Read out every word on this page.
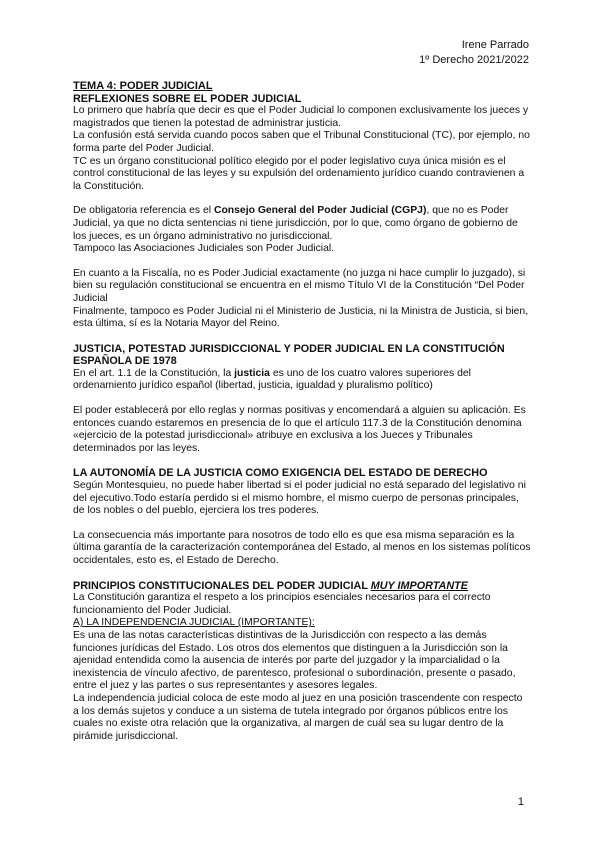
Irene Parrado
1º Derecho 2021/2022

TEMA 4: PODER JUDICIAL

REFLEXIONES SOBRE EL PODER JUDICIAL

Lo primero que habría que decir es que el Poder Judicial lo componen exclusivamente los jueces y magistrados que tienen la potestad de administrar justicia.

La confusión está servida cuando pocos saben que el Tribunal Constitucional (TC), por ejemplo, no forma parte del Poder Judicial.

TC es un órgano constitucional político elegido por el poder legislativo cuya única misión es el control constitucional de las leyes y su expulsión del ordenamiento jurídico cuando contravienen a la Constitución.

De obligatoria referencia es el Consejo General del Poder Judicial (CGPJ), que no es Poder Judicial, ya que no dicta sentencias ni tiene jurisdicción, por lo que, como órgano de gobierno de los jueces, es un órgano administrativo no jurisdiccional.

Tampoco las Asociaciones Judiciales son Poder Judicial.

En cuanto a la Fiscalía, no es Poder Judicial exactamente (no juzga ni hace cumplir lo juzgado), si bien su regulación constitucional se encuentra en el mismo Título VI de la Constitución “Del Poder Judicial

Finalmente, tampoco es Poder Judicial ni el Ministerio de Justicia, ni la Ministra de Justicia, si bien, esta última, sí es la Notaria Mayor del Reino.

JUSTICIA, POTESTAD JURISDICCIONAL Y PODER JUDICIAL EN LA CONSTITUCIÓN ESPAÑOLA DE 1978

En el art. 1.1 de la Constitución, la justicia es uno de los cuatro valores superiores del ordenamiento jurídico español (libertad, justicia, igualdad y pluralismo político)

El poder establecerá por ello reglas y normas positivas y encomendará a alguien su aplicación. Es entonces cuando estaremos en presencia de lo que el artículo 117.3 de la Constitución denomina «ejercicio de la potestad jurisdiccional» atribuye en exclusiva a los Jueces y Tribunales determinados por las leyes.

LA AUTONOMÍA DE LA JUSTICIA COMO EXIGENCIA DEL ESTADO DE DERECHO

Según Montesquieu, no puede haber libertad si el poder judicial no está separado del legislativo ni del ejecutivo.Todo estaría perdido si el mismo hombre, el mismo cuerpo de personas principales, de los nobles o del pueblo, ejerciera los tres poderes.

La consecuencia más importante para nosotros de todo ello es que esa misma separación es la última garantía de la caracterización contemporánea del Estado, al menos en los sistemas políticos occidentales, esto es, el Estado de Derecho.

PRINCIPIOS CONSTITUCIONALES DEL PODER JUDICIAL MUY IMPORTANTE

La Constitución garantiza el respeto a los principios esenciales necesarios para el correcto funcionamiento del Poder Judicial.

A) LA INDEPENDENCIA JUDICIAL (IMPORTANTE):

Es una de las notas características distintivas de la Jurisdicción con respecto a las demás funciones jurídicas del Estado. Los otros dos elementos que distinguen a la Jurisdicción son la ajenidad entendida como la ausencia de interés por parte del juzgador y la imparcialidad o la inexistencia de vínculo afectivo, de parentesco, profesional o subordinación, presente o pasado, entre el juez y las partes o sus representantes y asesores legales.

La independencia judicial coloca de este modo al juez en una posición trascendente con respecto a los demás sujetos y conduce a un sistema de tutela integrado por órganos públicos entre los cuales no existe otra relación que la organizativa, al margen de cuál sea su lugar dentro de la pirámide jurisdiccional.

1
